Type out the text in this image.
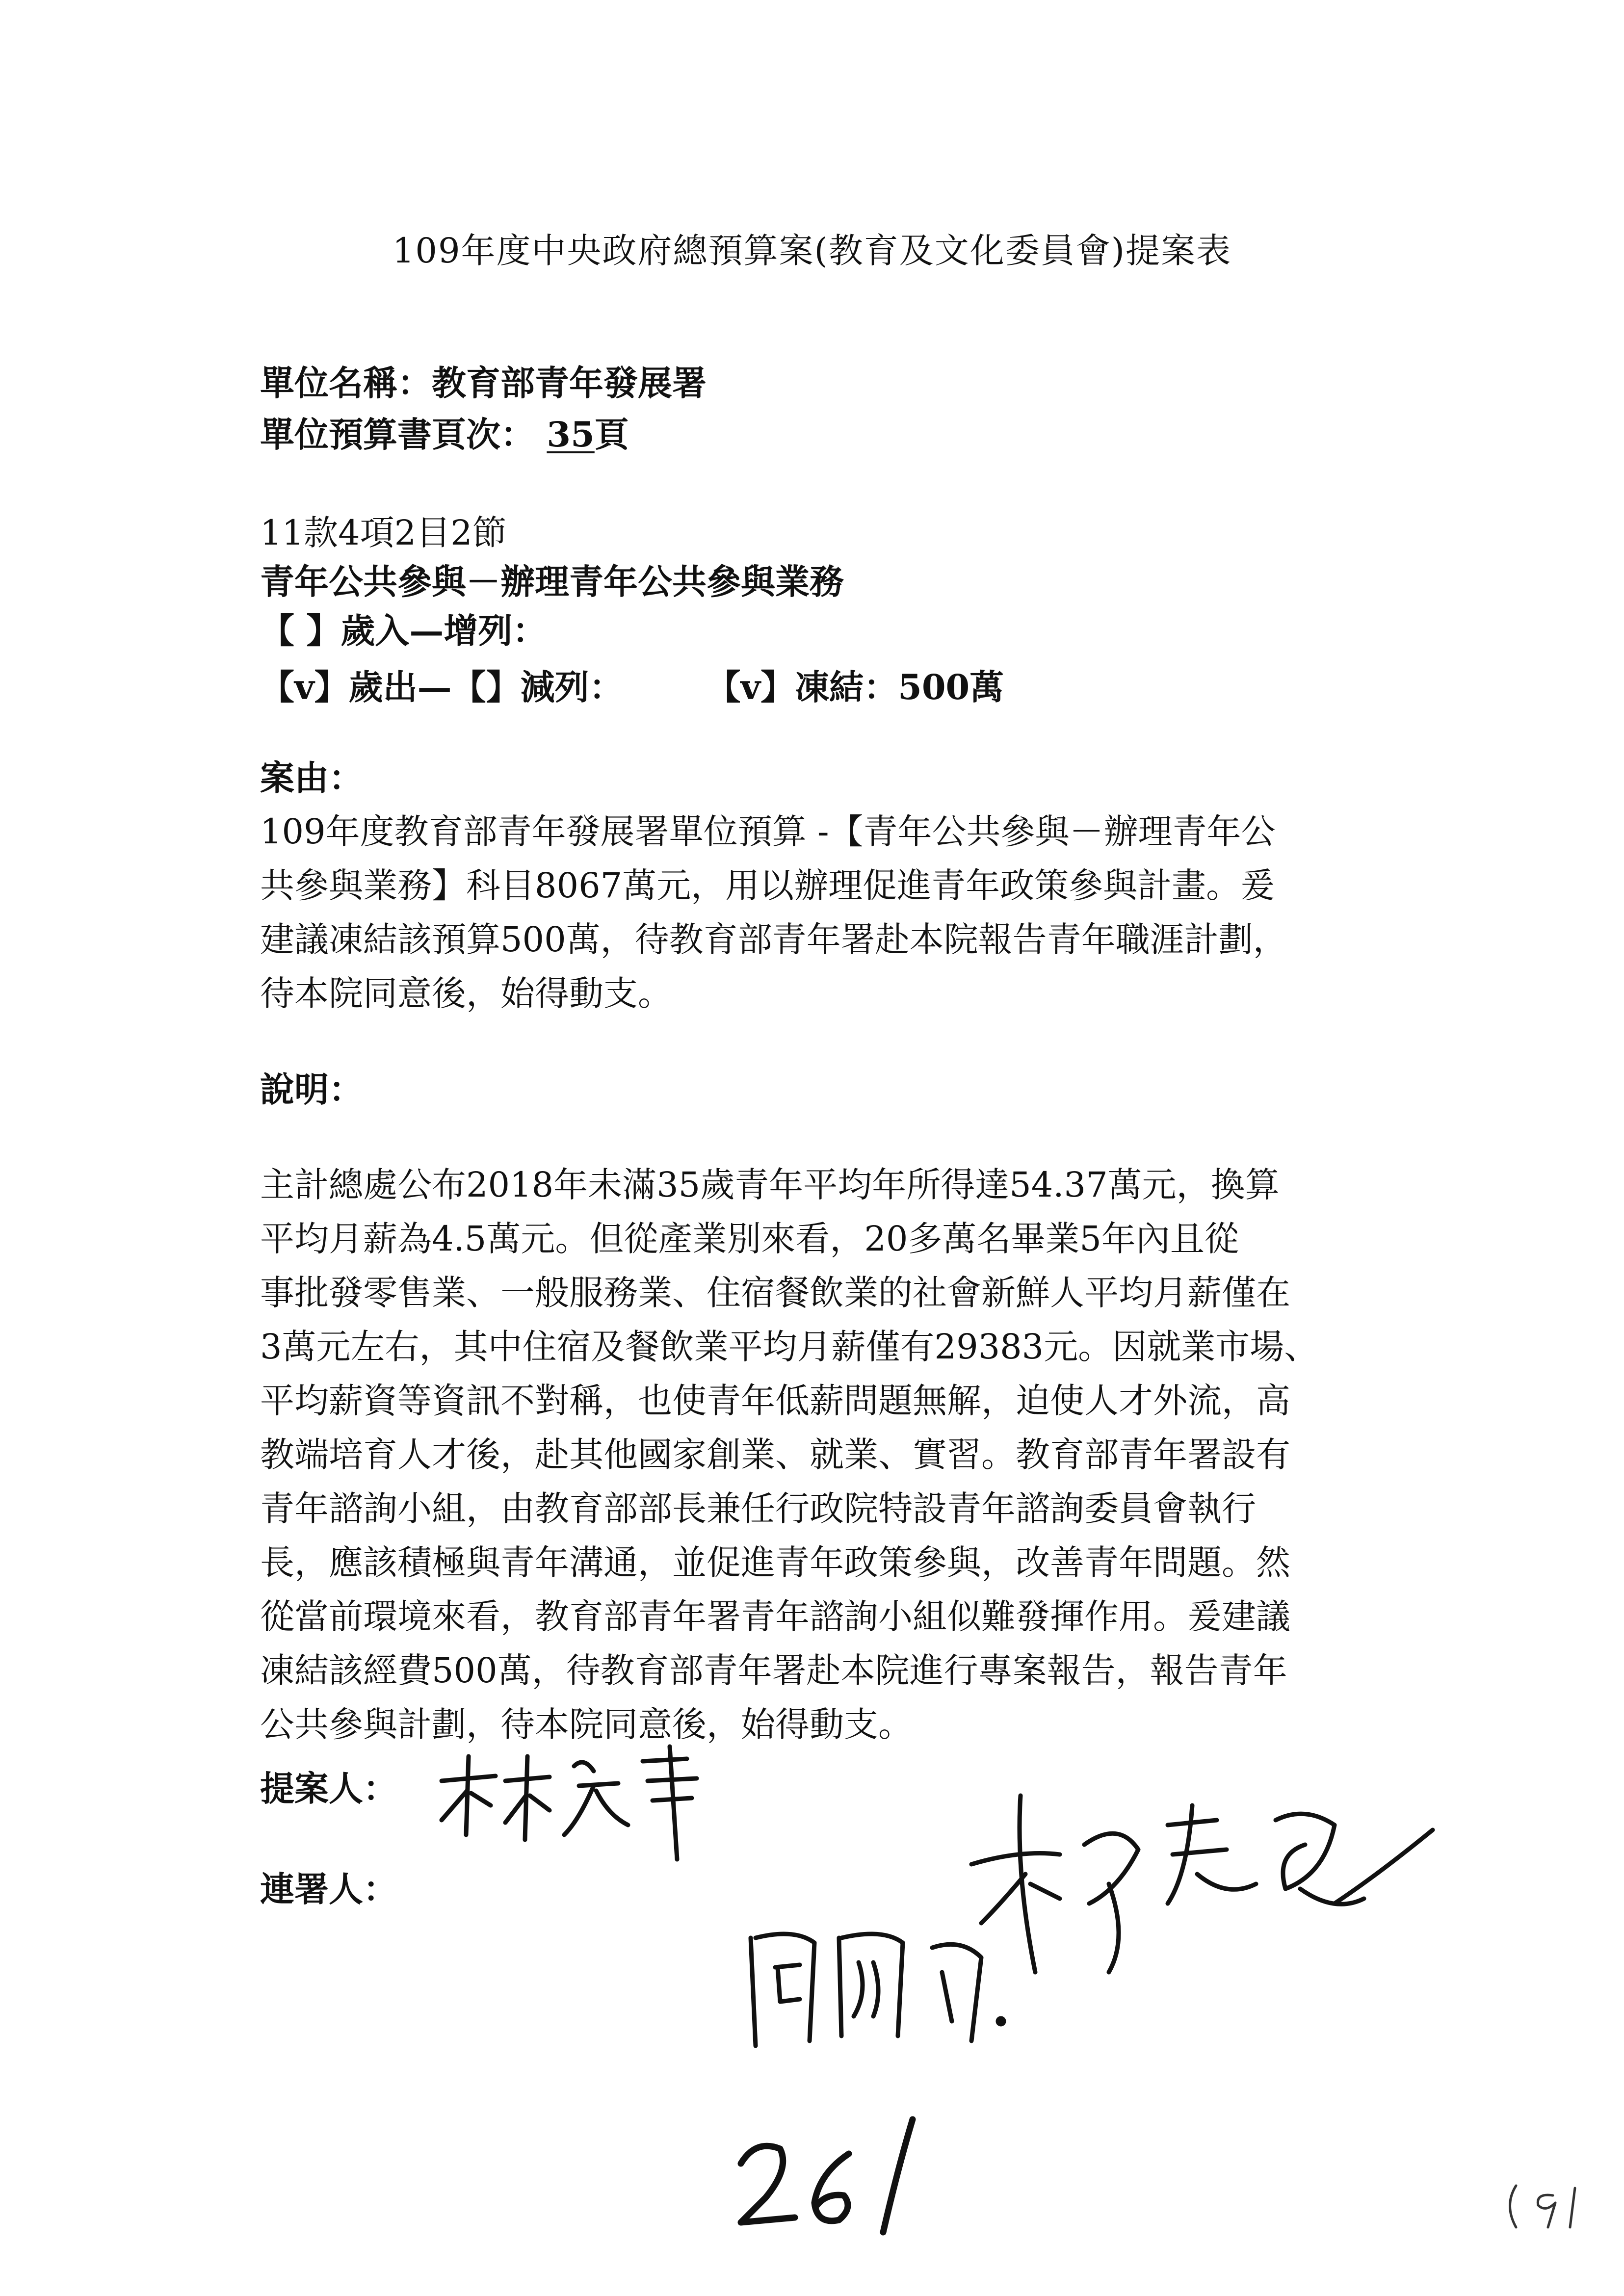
109年度中央政府總預算案(教育及文化委員會)提案表
單位名稱：教育部青年發展署
單位預算書頁次： 35頁
11款4項2目2節
青年公共參與－辦理青年公共參與業務
【 】歲入—增列：
【v】歲出—【】減列： 【v】凍結：500萬
案由：
109年度教育部青年發展署單位預算 -【青年公共參與－辦理青年公
共參與業務】科目8067萬元，用以辦理促進青年政策參與計畫。爰
建議凍結該預算500萬，待教育部青年署赴本院報告青年職涯計劃，
待本院同意後，始得動支。
說明：
主計總處公布2018年未滿35歲青年平均年所得達54.37萬元，換算
平均月薪為4.5萬元。但從產業別來看，20多萬名畢業5年內且從
事批發零售業、一般服務業、住宿餐飲業的社會新鮮人平均月薪僅在
3萬元左右，其中住宿及餐飲業平均月薪僅有29383元。因就業市場、
平均薪資等資訊不對稱，也使青年低薪問題無解，迫使人才外流，高
教端培育人才後，赴其他國家創業、就業、實習。教育部青年署設有
青年諮詢小組，由教育部部長兼任行政院特設青年諮詢委員會執行
長，應該積極與青年溝通，並促進青年政策參與，改善青年問題。然
從當前環境來看，教育部青年署青年諮詢小組似難發揮作用。爰建議
凍結該經費500萬，待教育部青年署赴本院進行專案報告，報告青年
公共參與計劃，待本院同意後，始得動支。
提案人：
連署人：
